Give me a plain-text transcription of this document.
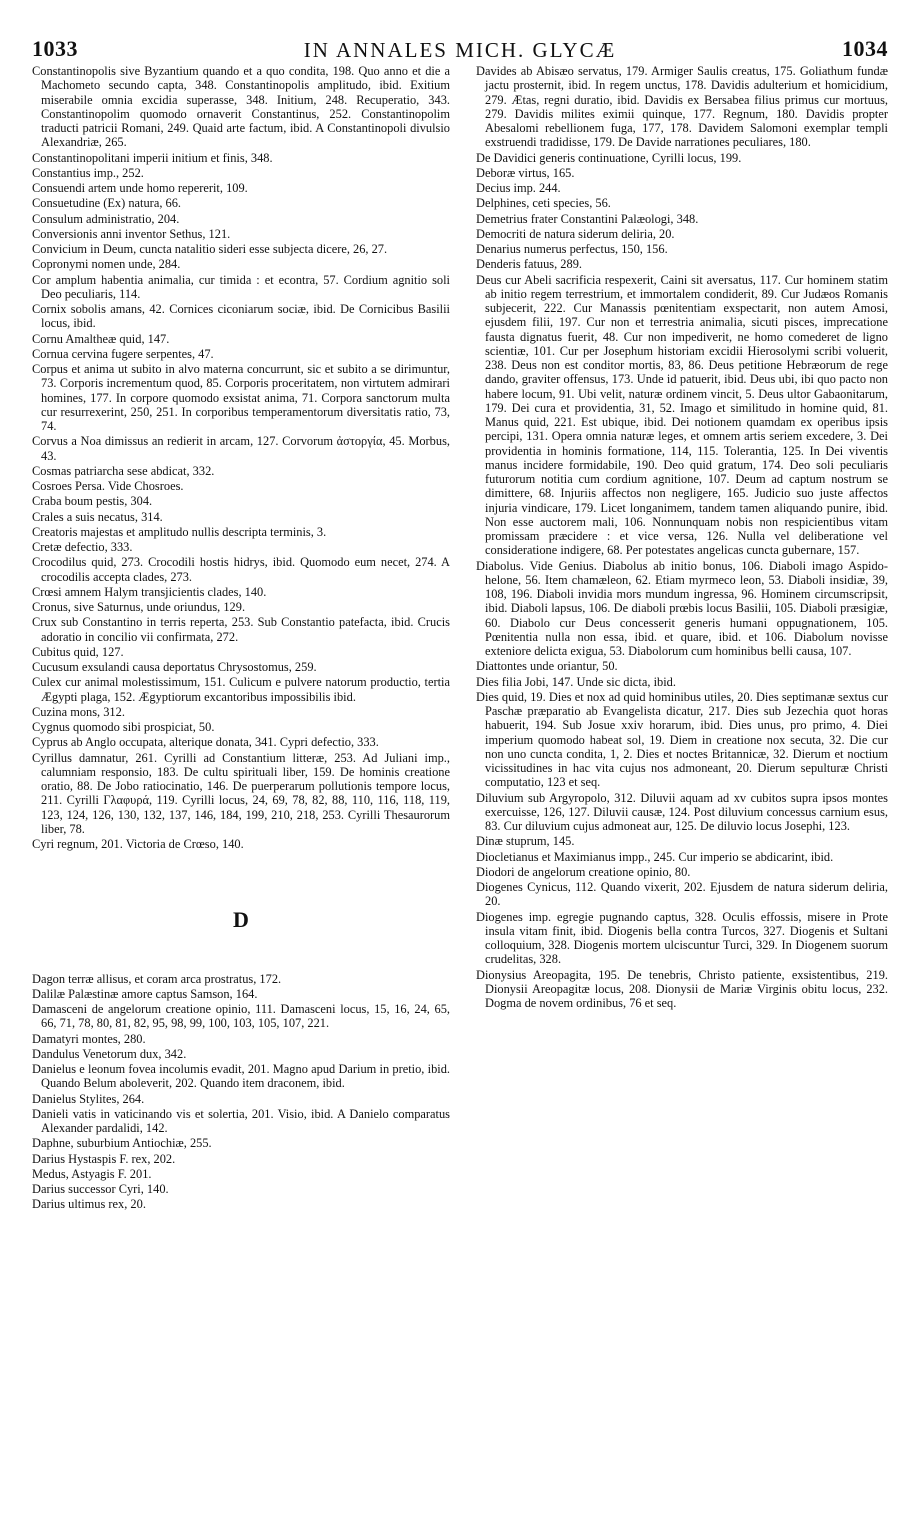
1033	IN ANNALES MICH. GLYCÆ	1034

Constantinopolis sive Byzantium quando et a quo condita, 198. Quo anno et die a Machometo secundo capta, 348. Constantinopolis amplitudo, ibid. Exitium miserabile omnia excidia superasse, 348. Initium, 248. Recuperatio, 343. Constantinopolim quomodo ornaverit Constantinus, 252. Constantinopolim traducti patricii Romani, 249. Quaid arte factum, ibid. A Constantinopoli divulsio Alexandriæ, 265.

Constantinopolitani imperii initium et finis, 348.

Constantius imp., 252.

Consuendi artem unde homo repererit, 109.

Consuetudine (Ex) natura, 66.

Consulum administratio, 204.

Conversionis anni inventor Sethus, 121.

Convicium in Deum, cuncta natalitio sideri esse subjecta dicere, 26, 27.

Copronymi nomen unde, 284.

Cor amplum habentia animalia, cur timida : et econtra, 57. Cordium agnitio soli Deo peculiaris, 114.

Cornix sobolis amans, 42. Cornices ciconiarum sociæ, ibid. De Cornicibus Basilii locus, ibid.

Cornu Amaltheæ quid, 147.

Cornua cervina fugere serpentes, 47.

Corpus et anima ut subito in alvo materna concurrunt, sic et subito a se dirimuntur, 73. Corporis incrementum quod, 85. Corporis proceritatem, non virtutem admirari homines, 177. In corpore quomodo exsistat anima, 71. Corpora sanctorum multa cur resurrexerint, 250, 251. In corporibus temperamentorum diversitatis ratio, 73, 74.

Corvus a Noa dimissus an redierit in arcam, 127. Corvorum ἀστοργία, 45. Morbus, 43.

Cosmas patriarcha sese abdicat, 332.

Cosroes Persa. Vide Chosroes.

Craba boum pestis, 304.

Crales a suis necatus, 314.

Creatoris majestas et amplitudo nullis descripta terminis, 3.

Cretæ defectio, 333.

Crocodilus quid, 273. Crocodili hostis hidrys, ibid. Quomodo eum necet, 274. A crocodilis accepta clades, 273.

Crœsi amnem Halym transjicientis clades, 140.

Cronus, sive Saturnus, unde oriundus, 129.

Crux sub Constantino in terris reperta, 253. Sub Constantio patefacta, ibid. Crucis adoratio in concilio vii confirmata, 272.

Cubitus quid, 127.

Cucusum exsulandi causa deportatus Chrysostomus, 259.

Culex cur animal molestissimum, 151. Culicum e pulvere natorum productio, tertia Ægypti plaga, 152. Ægyptiorum excantoribus impossibilis ibid.

Cuzina mons, 312.

Cygnus quomodo sibi prospiciat, 50.

Cyprus ab Anglo occupata, alterique donata, 341. Cypri defectio, 333.

Cyrillus damnatur, 261. Cyrilli ad Constantium litteræ, 253. Ad Juliani imp., calumniam responsio, 183. De cultu spirituali liber, 159. De hominis creatione oratio, 88. De Jobo ratiocinatio, 146. De puerperarum pollutionis tempore locus, 211. Cyrilli Γλαφυρά, 119. Cyrilli locus, 24, 69, 78, 82, 88, 110, 116, 118, 119, 123, 124, 126, 130, 132, 137, 146, 184, 199, 210, 218, 253. Cyrilli Thesaurorum liber, 78.

Cyri regnum, 201. Victoria de Crœso, 140.

D

Dagon terræ allisus, et coram arca prostratus, 172.

Dalilæ Palæstinæ amore captus Samson, 164.

Damasceni de angelorum creatione opinio, 111. Damasceni locus, 15, 16, 24, 65, 66, 71, 78, 80, 81, 82, 95, 98, 99, 100, 103, 105, 107, 221.

Damatyri montes, 280.

Dandulus Venetorum dux, 342.

Danielus e leonum foveа incolumis evadit, 201. Magno apud Darium in pretio, ibid. Quando Belum aboleverit, 202. Quando item draconem, ibid.

Danielus Stylites, 264.

Danieli vatis in vaticinando vis et solertia, 201. Visio, ibid. A Danielo comparatus Alexander pardalidi, 142.

Daphne, suburbium Antiochiæ, 255.

Darius Hystaspis F. rex, 202.

Medus, Astyagis F. 201.

Darius successor Cyri, 140.

Darius ultimus rex, 20.

Davides ab Abisæo servatus, 179. Armiger Saulis creatus, 175. Goliathum fundæ jactu prosternit, ibid. In regem unctus, 178. Davidis adulterium et homicidium, 279. Ætas, regni duratio, ibid. Davidis ex Bersabea filius primus cur mortuus, 279. Davidis milites eximii quinque, 177. Regnum, 180. Davidis propter Abesalomi rebellionem fuga, 177, 178. Davidem Salomoni exemplar templi exstruendi tradidisse, 179. De Davide narrationes peculiares, 180.

De Davidici generis continuatione, Cyrilli locus, 199.

Deboræ virtus, 165.

Decius imp. 244.

Delphines, ceti species, 56.

Demetrius frater Constantini Palæologi, 348.

Democriti de natura siderum deliria, 20.

Denarius numerus perfectus, 150, 156.

Denderis fatuus, 289.

Deus cur Abeli sacrificia respexerit, Caini sit aversatus, 117. Cur hominem statim ab initio regem terrestrium, et immortalem condiderit, 89. Cur Judæos Romanis subjecerit, 222. Cur Manassis pœnitentiam exspectarit, non autem Amosi, ejusdem filii, 197. Cur non et terrestria animalia, sicuti pisces, imprecatione fausta dignatus fuerit, 48. Cur non impediverit, ne homo comederet de ligno scientiæ, 101. Cur per Josephum historiam excidii Hierosolymi scribi voluerit, 238. Deus non est conditor mortis, 83, 86. Deus petitione Hebræorum de rege dando, graviter offensus, 173. Unde id patuerit, ibid. Deus ubi, ibi quo pacto non habere locum, 91. Ubi velit, naturæ ordinem vincit, 5. Deus ultor Gabaonitarum, 179. Dei cura et providentia, 31, 52. Imago et similitudo in homine quid, 81. Manus quid, 221. Est ubique, ibid. Dei notionem quamdam ex operibus ipsis percipi, 131. Opera omnia naturæ leges, et omnem artis seriem excedere, 3. Dei providentia in hominis formatione, 114, 115. Tolerantia, 125. In Dei viventis manus incidere formidabile, 190. Deo quid gratum, 174. Deo soli peculiaris futurorum notitia cum cordium agnitione, 107. Deum ad captum nostrum se dimittere, 68. Injuriis affectos non negligere, 165. Judicio suo juste affectos injuria vindicare, 179. Licet longanimem, tandem tamen aliquando punire, ibid. Non esse auctorem mali, 106. Nonnunquam nobis non respicientibus vitam promissam præcidere : et vice versa, 126. Nulla vel deliberatione vel consideratione indigere, 68. Per potestates angelicas cuncta gubernare, 157.

Diabolus. Vide Genius. Diabolus ab initio bonus, 106. Diaboli imago Aspido-helone, 56. Item chamæleon, 62. Etiam myrmeco leon, 53. Diaboli insidiæ, 39, 108, 196. Diaboli invidia mors mundum ingressa, 96. Hominem circumscripsit, ibid. Diaboli lapsus, 106. De diaboli prœbis locus Basilii, 105. Diaboli præsigiæ, 60. Diabolo cur Deus concesserit generis humani oppugnationem, 105. Pœnitentia nulla non essa, ibid. et quare, ibid. et 106. Diabolum novisse exteniore delicta exigua, 53. Diabolorum cum hominibus belli causa, 107.

Diattontes unde oriantur, 50.

Dies filia Jobi, 147. Unde sic dicta, ibid.

Dies quid, 19. Dies et nox ad quid hominibus utiles, 20. Dies septimanæ sextus cur Paschæ præparatio ab Evangelista dicatur, 217. Dies sub Jezechia quot horas habuerit, 194. Sub Josue xxiv horarum, ibid. Dies unus, pro primo, 4. Diei imperium quomodo habeat sol, 19. Diem in creatione nox secuta, 32. Die cur non uno cuncta condita, 1, 2. Dies et noctes Britannicæ, 32. Dierum et noctium vicissitudines in hac vita cujus nos admoneant, 20. Dierum sepulturæ Christi computatio, 123 et seq.

Diluvium sub Argyropolo, 312. Diluvii aquam ad xv cubitos supra ipsos montes exercuisse, 126, 127. Diluvii causæ, 124. Post diluvium concessus carnium esus, 83. Cur diluvium cujus admoneat aur, 125. De diluvio locus Josephi, 123.

Dinæ stuprum, 145.

Diocletianus et Maximianus impp., 245. Cur imperio se abdicarint, ibid.

Diodori de angelorum creatione opinio, 80.

Diogenes Cynicus, 112. Quando vixerit, 202. Ejusdem de natura siderum deliria, 20.

Diogenes imp. egregie pugnando captus, 328. Oculis effossis, misere in Prote insula vitam finit, ibid. Diogenis bella contra Turcos, 327. Diogenis et Sultani colloquium, 328. Diogenis mortem ulciscuntur Turci, 329. In Diogenem suorum crudelitas, 328.

Dionysius Areopagita, 195. De tenebris, Christo patiente, exsistentibus, 219. Dionysii Areopagitæ locus, 208. Dionysii de Mariæ Virginis obitu locus, 232. Dogma de novem ordinibus, 76 et seq.
